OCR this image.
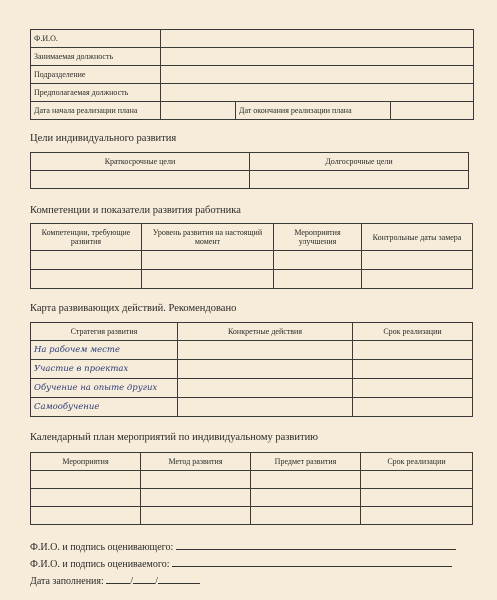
Ф.И.О.			
Занимаемая должность			
Подразделение			
Предполагаемая должность			
Дата начала реализации плана		Дат окончания реализации плана	
Цели индивидуального развития
Краткосрочные цели	Долгосрочные цели

Компетенции и показатели развития работника
Компетенции, требующие развития	Уровень развития на настоящий момент	Мероприятия улучшения	Контрольные даты замера

Карта развивающих действий. Рекомендовано
Стратегия развития	Конкретные действия	Срок реализации
На рабочем месте		
Участие в проектах		
Обучение на опыте других		
Самообучение		
Календарный план мероприятий по индивидуальному развитию
Мероприятия	Метод развития	Предмет развития	Срок реализации

Ф.И.О. и подпись оценивающего:
Ф.И.О. и подпись оцениваемого:
Дата заполнения:	/ /
